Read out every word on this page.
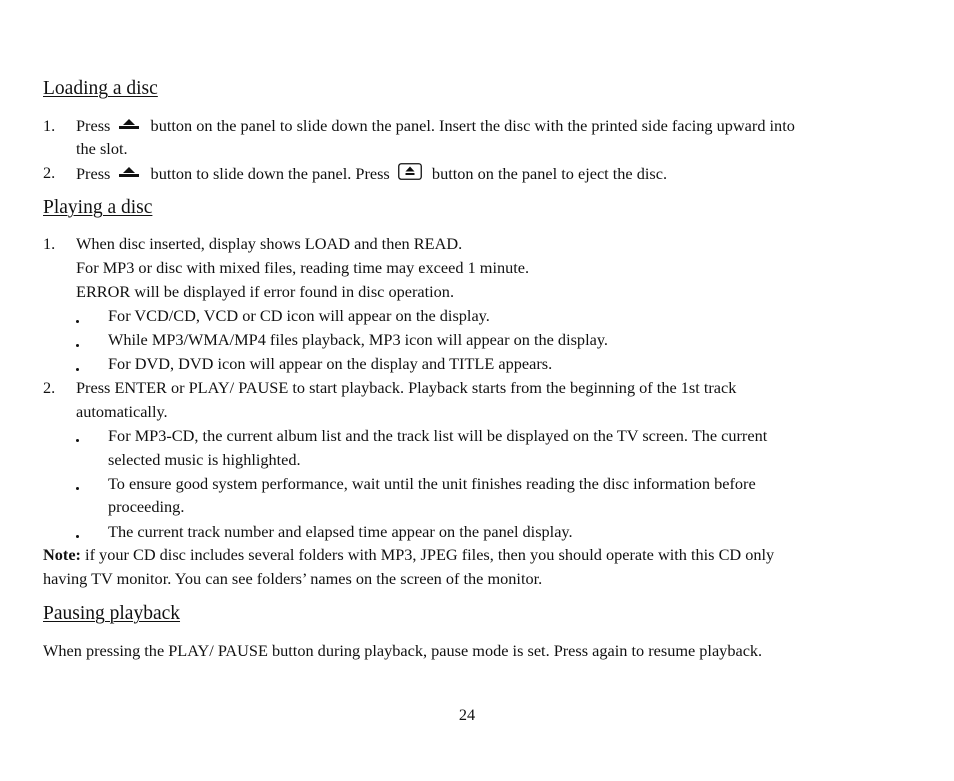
Loading a disc
1. Press button on the panel to slide down the panel. Insert the disc with the printed side facing upward into
the slot.
2. Press button to slide down the panel. Press	button on the panel to eject the disc.
Playing a disc
1. When disc inserted, display shows LOAD and then READ.
For MP3 or disc with mixed files, reading time may exceed 1 minute.
ERROR will be displayed if error found in disc operation.
For VCD/CD, VCD or CD icon will appear on the display.
While MP3/WMA/MP4 files playback, MP3 icon will appear on the display.
For DVD, DVD icon will appear on the display and TITLE appears.
2. Press ENTER or PLAY/ PAUSE to start playback. Playback starts from the beginning of the 1st track
automatically.
For MP3-CD, the current album list and the track list will be displayed on the TV screen. The current
selected music is highlighted.
To ensure good system performance, wait until the unit finishes reading the disc information before
proceeding.
The current track number and elapsed time appear on the panel display.
Note: if your CD disc includes several folders with MP3, JPEG files, then you should operate with this CD only
having TV monitor. You can see folders’ names on the screen of the monitor.
Pausing playback
When pressing the PLAY/ PAUSE button during playback, pause mode is set. Press again to resume playback.
24
